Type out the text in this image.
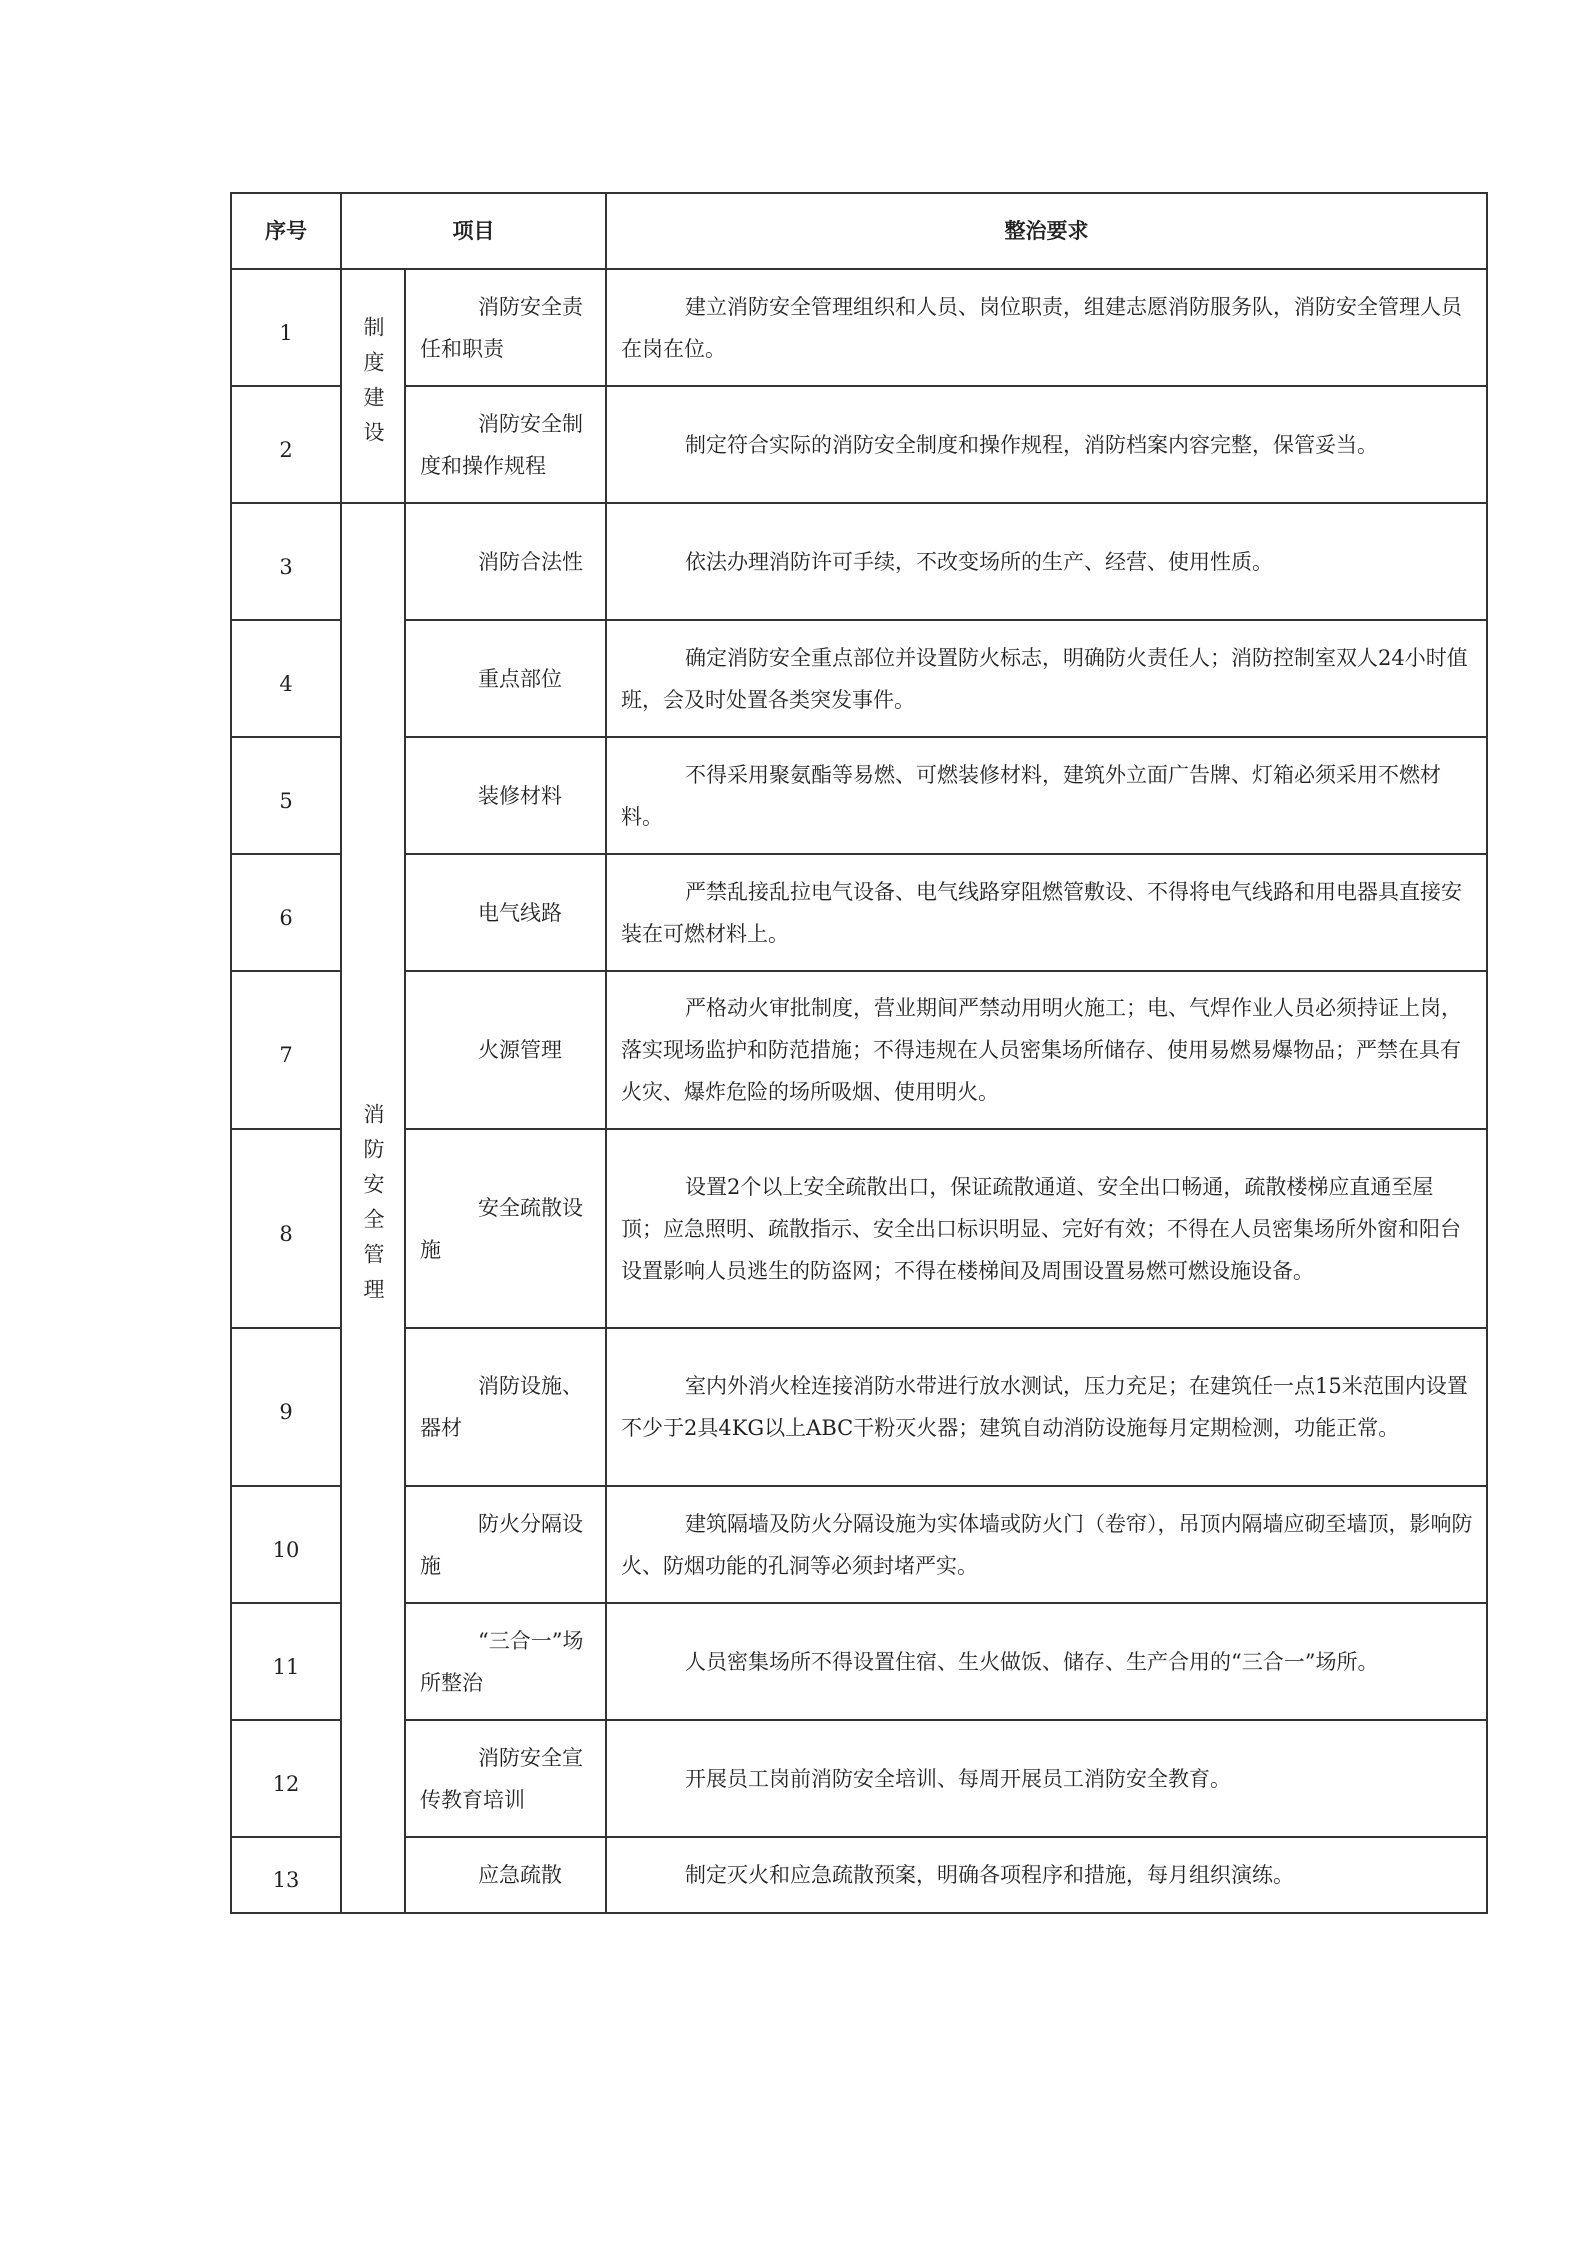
序号	项目		整治要求
1	制度建设	消防安全责任和职责	建立消防安全管理组织和人员、岗位职责，组建志愿消防服务队，消防安全管理人员在岗在位。
2		消防安全制度和操作规程	制定符合实际的消防安全制度和操作规程，消防档案内容完整，保管妥当。
3	消防安全管理	消防合法性	依法办理消防许可手续，不改变场所的生产、经营、使用性质。
4		重点部位	确定消防安全重点部位并设置防火标志，明确防火责任人；消防控制室双人24小时值班，会及时处置各类突发事件。
5		装修材料	不得采用聚氨酯等易燃、可燃装修材料，建筑外立面广告牌、灯箱必须采用不燃材料。
6		电气线路	严禁乱接乱拉电气设备、电气线路穿阻燃管敷设、不得将电气线路和用电器具直接安装在可燃材料上。
7		火源管理	严格动火审批制度，营业期间严禁动用明火施工；电、气焊作业人员必须持证上岗，落实现场监护和防范措施；不得违规在人员密集场所储存、使用易燃易爆物品；严禁在具有火灾、爆炸危险的场所吸烟、使用明火。
8		安全疏散设施	设置2个以上安全疏散出口，保证疏散通道、安全出口畅通，疏散楼梯应直通至屋顶；应急照明、疏散指示、安全出口标识明显、完好有效；不得在人员密集场所外窗和阳台设置影响人员逃生的防盗网；不得在楼梯间及周围设置易燃可燃设施设备。
9		消防设施、器材	室内外消火栓连接消防水带进行放水测试，压力充足；在建筑任一点15米范围内设置不少于2具4KG以上ABC干粉灭火器；建筑自动消防设施每月定期检测，功能正常。
10		防火分隔设施	建筑隔墙及防火分隔设施为实体墙或防火门（卷帘），吊顶内隔墙应砌至墙顶，影响防火、防烟功能的孔洞等必须封堵严实。
11		“三合一”场所整治	人员密集场所不得设置住宿、生火做饭、储存、生产合用的“三合一”场所。
12		消防安全宣传教育培训	开展员工岗前消防安全培训、每周开展员工消防安全教育。
13		应急疏散	制定灭火和应急疏散预案，明确各项程序和措施，每月组织演练。
